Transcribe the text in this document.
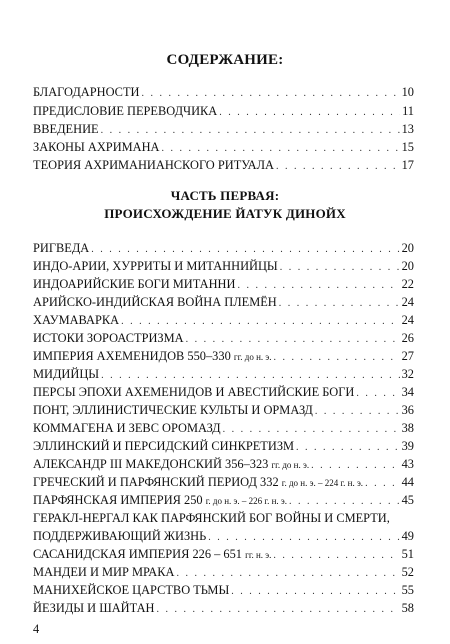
СОДЕРЖАНИЕ:
БЛАГОДАРНОСТИ . . .	10
ПРЕДИСЛОВИЕ ПЕРЕВОДЧИКА . . .	11
ВВЕДЕНИЕ . . .	13
ЗАКОНЫ АХРИМАНА . . .	15
ТЕОРИЯ АХРИМАНИАНСКОГО РИТУАЛА . . .	17
ЧАСТЬ ПЕРВАЯ:
ПРОИСХОЖДЕНИЕ ЙАТУК ДИНОЙХ
РИГВЕДА . . .	20
ИНДО-АРИИ, ХУРРИТЫ И МИТАННИЙЦЫ . . .	20
ИНДОАРИЙСКИЕ БОГИ МИТАННИ . . .	22
АРИЙСКО-ИНДИЙСКАЯ ВОЙНА ПЛЕМЁН . . .	24
ХАУМАВАРКА . . .	24
ИСТОКИ ЗОРОАСТРИЗМА . . .	26
ИМПЕРИЯ АХЕМЕНИДОВ 550–330 гг. до н. э. . . .	27
МИДИЙЦЫ . . .	32
ПЕРСЫ ЭПОХИ АХЕМЕНИДОВ И АВЕСТИЙСКИЕ БОГИ . . .	34
ПОНТ, ЭЛЛИНИСТИЧЕСКИЕ КУЛЬТЫ И ОРМАЗД . . .	36
КОММАГЕНА И ЗЕВС ОРОМАЗД . . .	38
ЭЛЛИНСКИЙ И ПЕРСИДСКИЙ СИНКРЕТИЗМ . . .	39
АЛЕКСАНДР III МАКЕДОНСКИЙ 356–323 гг. до н. э. . . .	43
ГРЕЧЕСКИЙ И ПАРФЯНСКИЙ ПЕРИОД 332 г. до н. э. – 224 г. н. э. . . .	44
ПАРФЯНСКАЯ ИМПЕРИЯ 250 г. до н. э. – 226 г. н. э. . . .	45
ГЕРАКЛ-НЕРГАЛ КАК ПАРФЯНСКИЙ БОГ ВОЙНЫ И СМЕРТИ,
ПОДДЕРЖИВАЮЩИЙ ЖИЗНЬ . . .	49
САСАНИДСКАЯ ИМПЕРИЯ 226 – 651 гг. н. э. . . .	51
МАНДЕИ И МИР МРАКА . . .	52
МАНИХЕЙСКОЕ ЦАРСТВО ТЬМЫ . . .	55
ЙЕЗИДЫ И ШАЙТАН . . .	58
4
